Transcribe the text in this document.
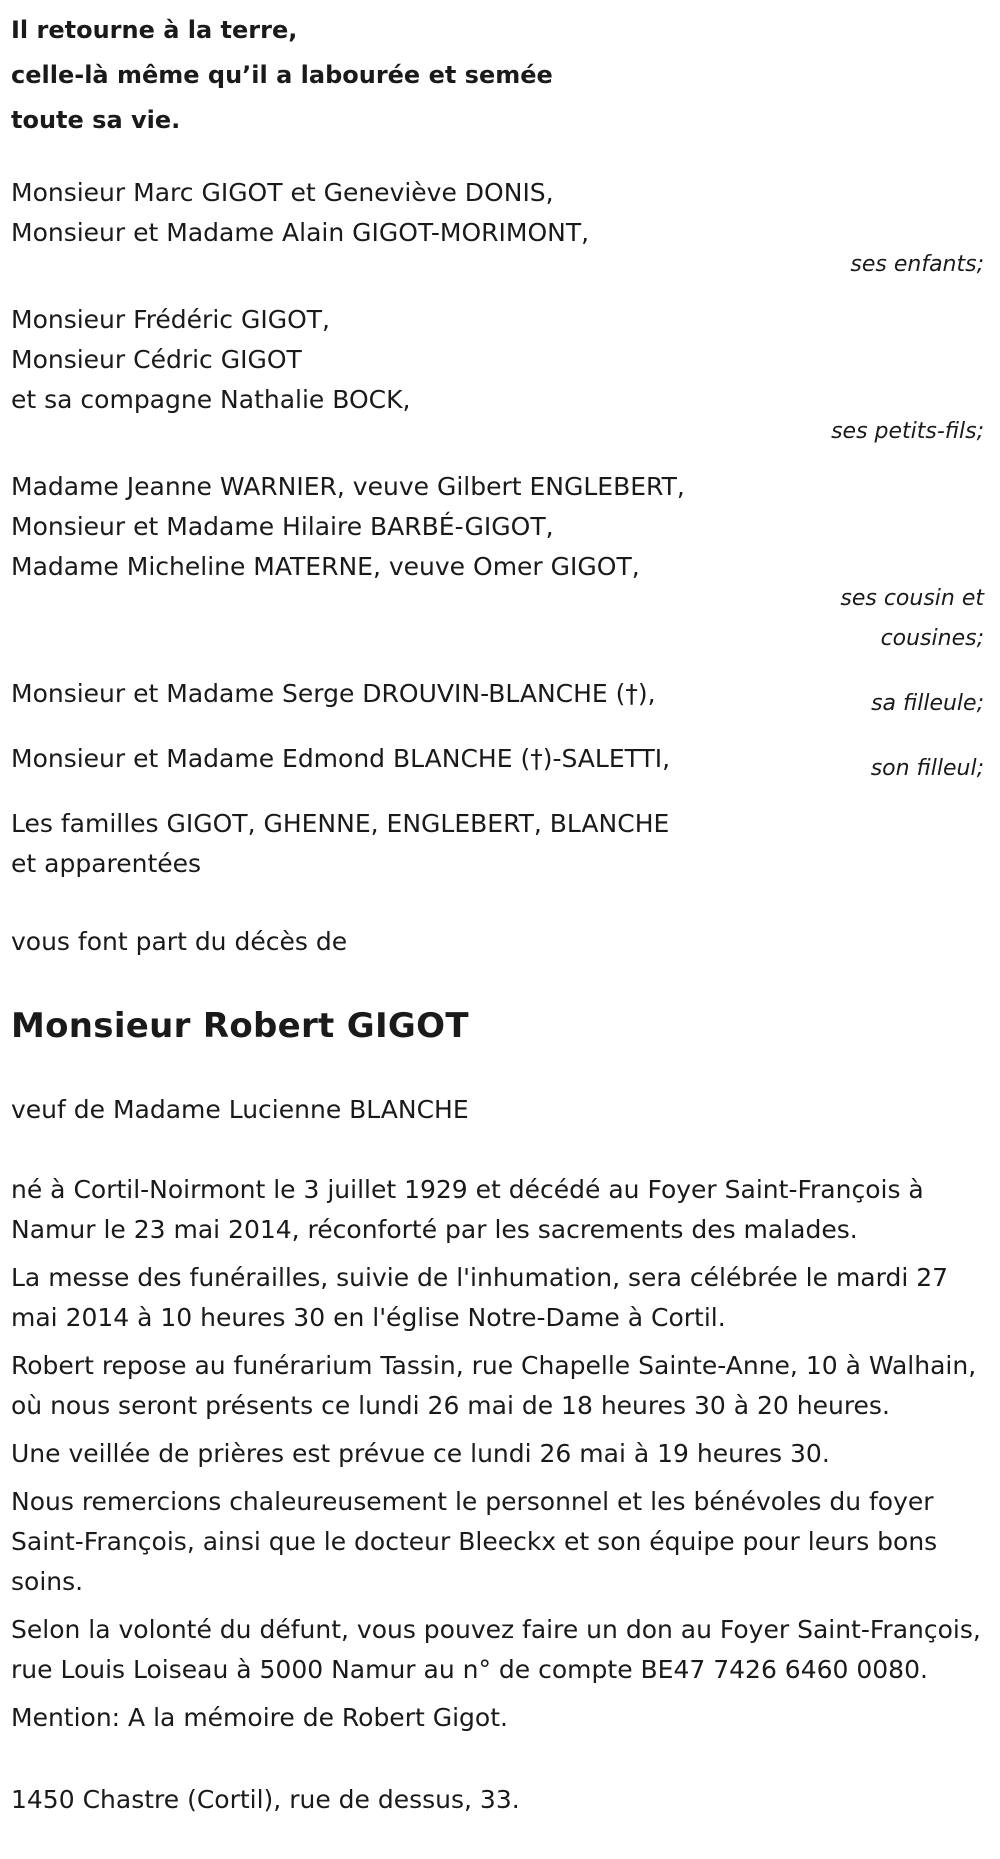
Il retourne à la terre,
celle-là même qu’il a labourée et semée
toute sa vie.
Monsieur Marc GIGOT et Geneviève DONIS,
Monsieur et Madame Alain GIGOT-MORIMONT,
ses enfants;
Monsieur Frédéric GIGOT,
Monsieur Cédric GIGOT
et sa compagne Nathalie BOCK,
ses petits-fils;
Madame Jeanne WARNIER, veuve Gilbert ENGLEBERT,
Monsieur et Madame Hilaire BARBÉ-GIGOT,
Madame Micheline MATERNE, veuve Omer GIGOT,
ses cousin et
cousines;
Monsieur et Madame Serge DROUVIN-BLANCHE (†),	sa filleule;
Monsieur et Madame Edmond BLANCHE (†)-SALETTI,	son filleul;
Les familles GIGOT, GHENNE, ENGLEBERT, BLANCHE
et apparentées
vous font part du décès de
Monsieur Robert GIGOT
veuf de Madame Lucienne BLANCHE
né à Cortil-Noirmont le 3 juillet 1929 et décédé au Foyer Saint-François à Namur le 23 mai 2014, réconforté par les sacrements des malades.
La messe des funérailles, suivie de l'inhumation, sera célébrée le mardi 27 mai 2014 à 10 heures 30 en l'église Notre-Dame à Cortil.
Robert repose au funérarium Tassin, rue Chapelle Sainte-Anne, 10 à Walhain, où nous seront présents ce lundi 26 mai de 18 heures 30 à 20 heures.
Une veillée de prières est prévue ce lundi 26 mai à 19 heures 30.
Nous remercions chaleureusement le personnel et les bénévoles du foyer Saint-François, ainsi que le docteur Bleeckx et son équipe pour leurs bons soins.
Selon la volonté du défunt, vous pouvez faire un don au Foyer Saint-François, rue Louis Loiseau à 5000 Namur au n° de compte BE47 7426 6460 0080.
Mention: A la mémoire de Robert Gigot.
1450 Chastre (Cortil), rue de dessus, 33.
